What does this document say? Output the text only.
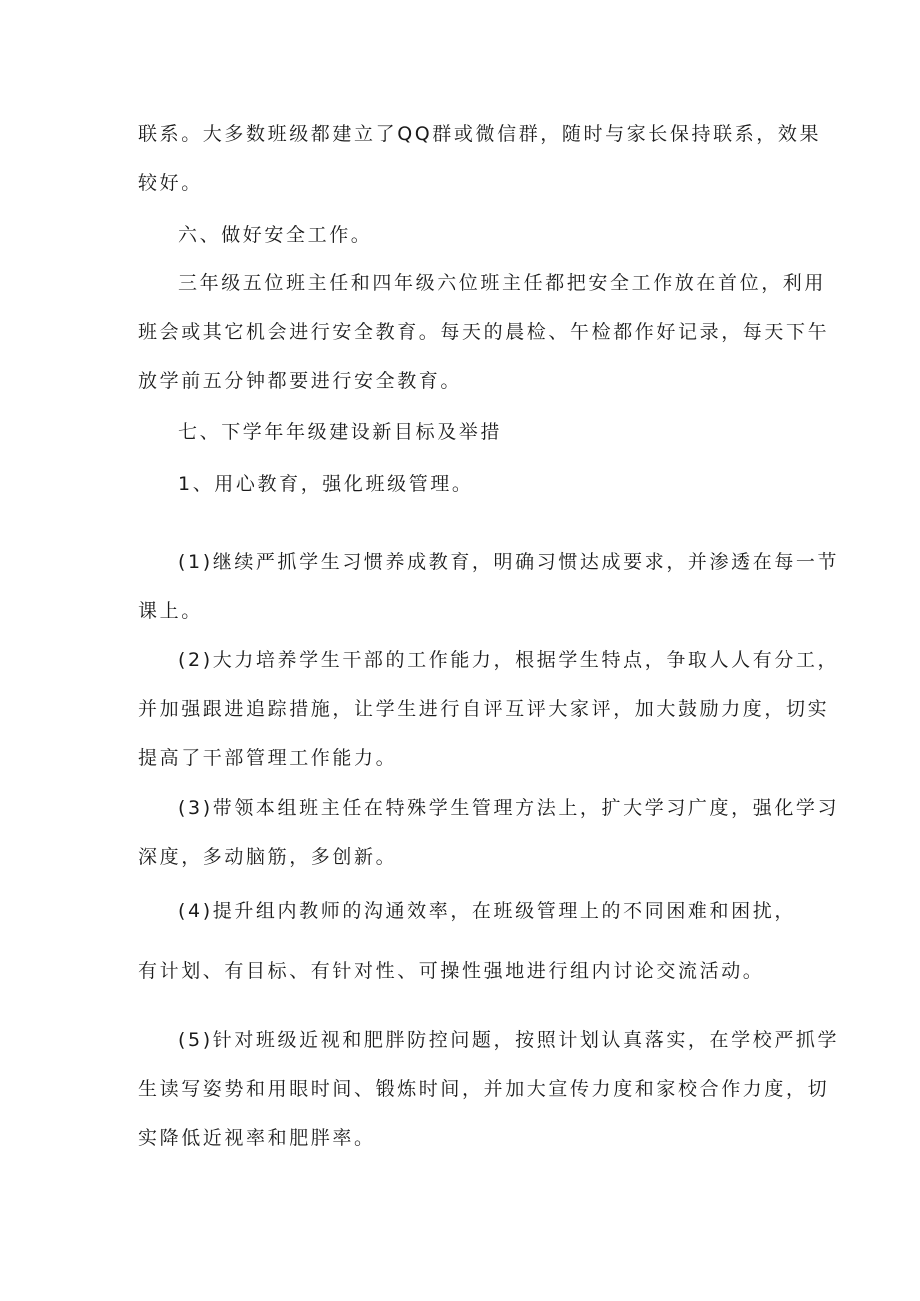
联系。大多数班级都建立了QQ群或微信群，随时与家长保持联系，效果
较好。
六、做好安全工作。
三年级五位班主任和四年级六位班主任都把安全工作放在首位，利用
班会或其它机会进行安全教育。每天的晨检、午检都作好记录，每天下午
放学前五分钟都要进行安全教育。
七、下学年年级建设新目标及举措
1、用心教育，强化班级管理。
(1)继续严抓学生习惯养成教育，明确习惯达成要求，并渗透在每一节
课上。
(2)大力培养学生干部的工作能力，根据学生特点，争取人人有分工，
并加强跟进追踪措施，让学生进行自评互评大家评，加大鼓励力度，切实
提高了干部管理工作能力。
(3)带领本组班主任在特殊学生管理方法上，扩大学习广度，强化学习
深度，多动脑筋，多创新。
(4)提升组内教师的沟通效率，在班级管理上的不同困难和困扰，
有计划、有目标、有针对性、可操性强地进行组内讨论交流活动。
(5)针对班级近视和肥胖防控问题，按照计划认真落实，在学校严抓学
生读写姿势和用眼时间、锻炼时间，并加大宣传力度和家校合作力度，切
实降低近视率和肥胖率。
